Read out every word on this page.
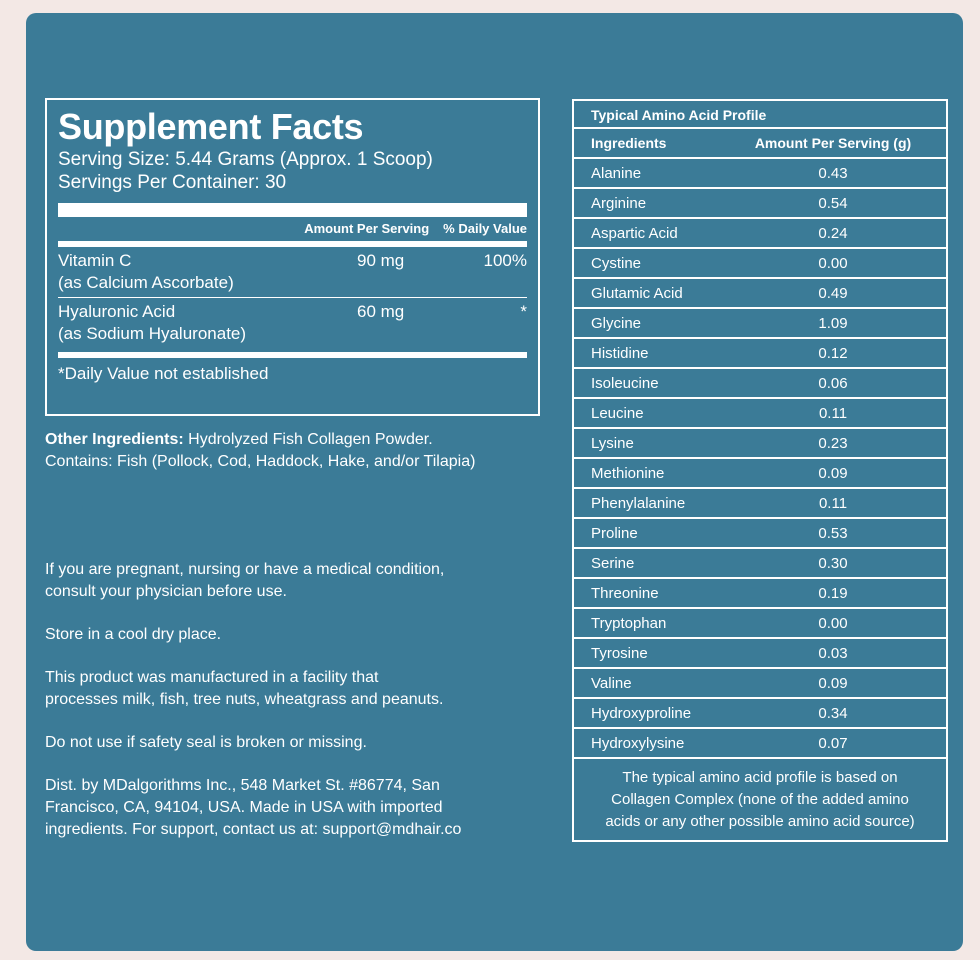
Supplement Facts
Serving Size: 5.44 Grams (Approx. 1 Scoop)
Servings Per Container: 30
Amount Per Serving % Daily Value
Vitamin C
(as Calcium Ascorbate)
90 mg	100%
Hyaluronic Acid
(as Sodium Hyaluronate)
60 mg	*
*Daily Value not established
Other Ingredients: Hydrolyzed Fish Collagen Powder.
Contains: Fish (Pollock, Cod, Haddock, Hake, and/or Tilapia)
If you are pregnant, nursing or have a medical condition,
consult your physician before use.
Store in a cool dry place.
This product was manufactured in a facility that
processes milk, fish, tree nuts, wheatgrass and peanuts.
Do not use if safety seal is broken or missing.
Dist. by MDalgorithms Inc., 548 Market St. #86774, San
Francisco, CA, 94104, USA. Made in USA with imported
ingredients. For support, contact us at: support@mdhair.co
Typical Amino Acid Profile
Ingredients	Amount Per Serving (g)
Alanine	0.43
Arginine	0.54
Aspartic Acid	0.24
Cystine	0.00
Glutamic Acid	0.49
Glycine	1.09
Histidine	0.12
Isoleucine	0.06
Leucine	0.11
Lysine	0.23
Methionine	0.09
Phenylalanine	0.11
Proline	0.53
Serine	0.30
Threonine	0.19
Tryptophan	0.00
Tyrosine	0.03
Valine	0.09
Hydroxyproline	0.34
Hydroxylysine	0.07
The typical amino acid profile is based on
Collagen Complex (none of the added amino
acids or any other possible amino acid source)
